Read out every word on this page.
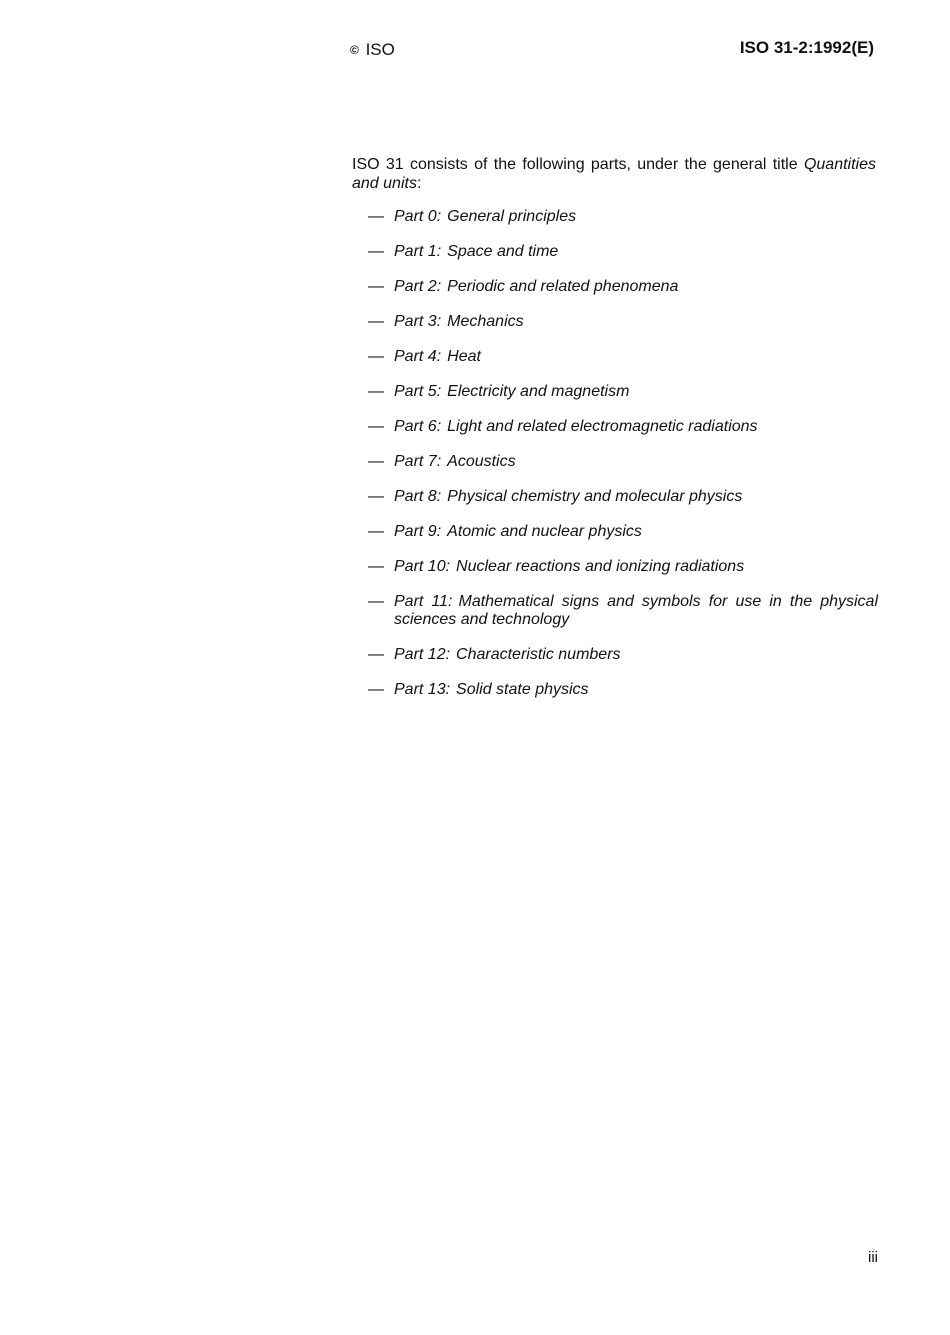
© ISO	ISO 31-2:1992(E)
ISO 31 consists of the following parts, under the general title Quantities and units:
— Part 0: General principles
— Part 1: Space and time
— Part 2: Periodic and related phenomena
— Part 3: Mechanics
— Part 4: Heat
— Part 5: Electricity and magnetism
— Part 6: Light and related electromagnetic radiations
— Part 7: Acoustics
— Part 8: Physical chemistry and molecular physics
— Part 9: Atomic and nuclear physics
— Part 10: Nuclear reactions and ionizing radiations
— Part 11: Mathematical signs and symbols for use in the physical sciences and technology
— Part 12: Characteristic numbers
— Part 13: Solid state physics
iii
